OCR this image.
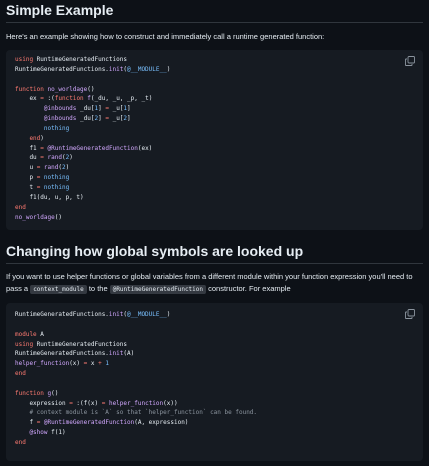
Simple Example

Here's an example showing how to construct and immediately call a runtime generated function:

using RuntimeGeneratedFunctions
RuntimeGeneratedFunctions.init(@__MODULE__)

function no_worldage()
ex = :(function f(_du, _u, _p, _t)
@inbounds _du[1] = _u[1]
@inbounds _du[2] = _u[2]
nothing
end)
f1 = @RuntimeGeneratedFunction(ex)
du = rand(2)
u = rand(2)
p = nothing
t = nothing
f1(du, u, p, t)
end
no_worldage()
Changing how global symbols are looked up

If you want to use helper functions or global variables from a different module within your function expression you'll need to pass a context_module to the @RuntimeGeneratedFunction constructor. For example

RuntimeGeneratedFunctions.init(@__MODULE__)

module A
using RuntimeGeneratedFunctions
RuntimeGeneratedFunctions.init(A)
helper_function(x) = x + 1
end

function g()
expression = :(f(x) = helper_function(x))
# context module is `A` so that `helper_function` can be found.
f = @RuntimeGeneratedFunction(A, expression)
@show f(1)
end
